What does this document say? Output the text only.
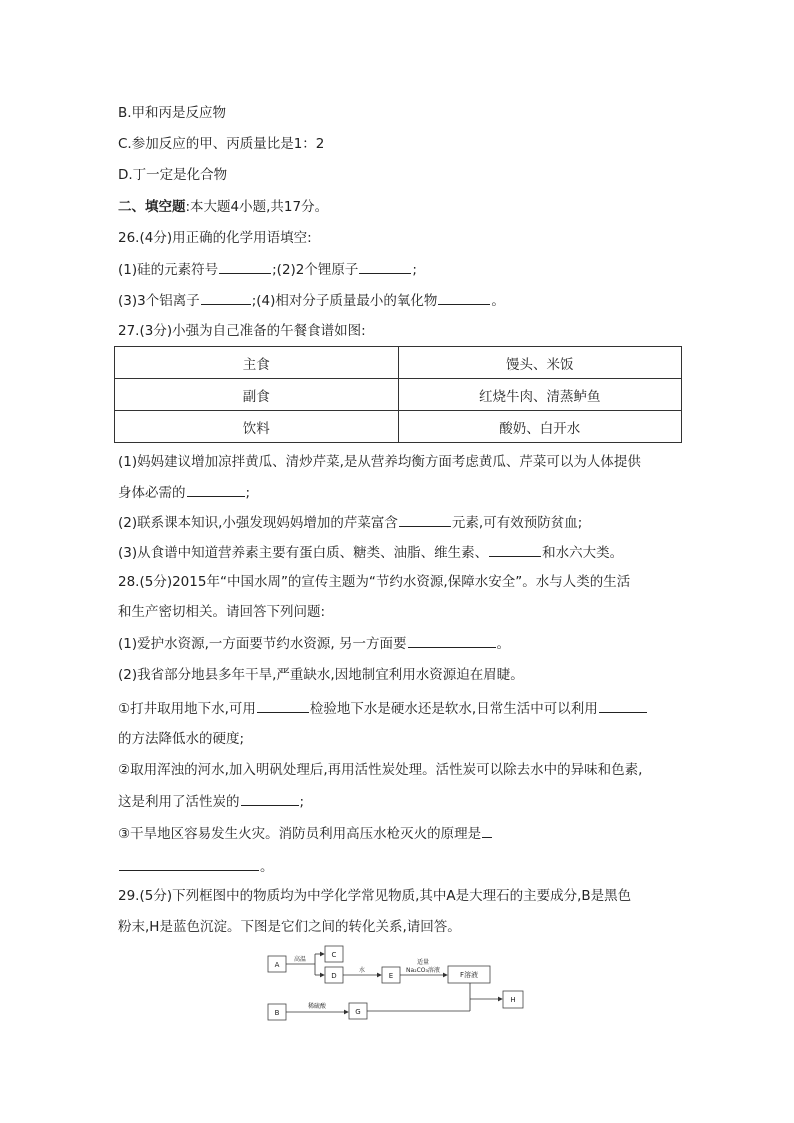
B.甲和丙是反应物
C.参加反应的甲、丙质量比是1：2
D.丁一定是化合物
二、填空题:本大题4小题,共17分。
26.(4分)用正确的化学用语填空:
(1)硅的元素符号	;(2)2个锂原子	;
(3)3个铝离子	;(4)相对分子质量最小的氧化物	。
27.(3分)小强为自己准备的午餐食谱如图:
主食	馒头、米饭
副食	红烧牛肉、清蒸鲈鱼
饮料	酸奶、白开水
(1)妈妈建议增加凉拌黄瓜、清炒芹菜,是从营养均衡方面考虑黄瓜、芹菜可以为人体提供
身体必需的	;
(2)联系课本知识,小强发现妈妈增加的芹菜富含	元素,可有效预防贫血;
(3)从食谱中知道营养素主要有蛋白质、糖类、油脂、维生素、	和水六大类。
28.(5分)2015年“中国水周”的宣传主题为“节约水资源,保障水安全”。水与人类的生活
和生产密切相关。请回答下列问题:
(1)爱护水资源,一方面要节约水资源, 另一方面要	。
(2)我省部分地县多年干旱,严重缺水,因地制宜利用水资源迫在眉睫。
①打井取用地下水,可用	检验地下水是硬水还是软水,日常生活中可以利用
的方法降低水的硬度;
②取用浑浊的河水,加入明矾处理后,再用活性炭处理。活性炭可以除去水中的异味和色素,
这是利用了活性炭的	;
③干旱地区容易发生火灾。消防员利用高压水枪灭火的原理是
。
29.(5分)下列框图中的物质均为中学化学常见物质,其中A是大理石的主要成分,B是黑色
粉末,H是蓝色沉淀。下图是它们之间的转化关系,请回答。
A
C
D	E	F溶液
B	G
H
高温
水
适量
Na₂CO₃溶液
稀硫酸
